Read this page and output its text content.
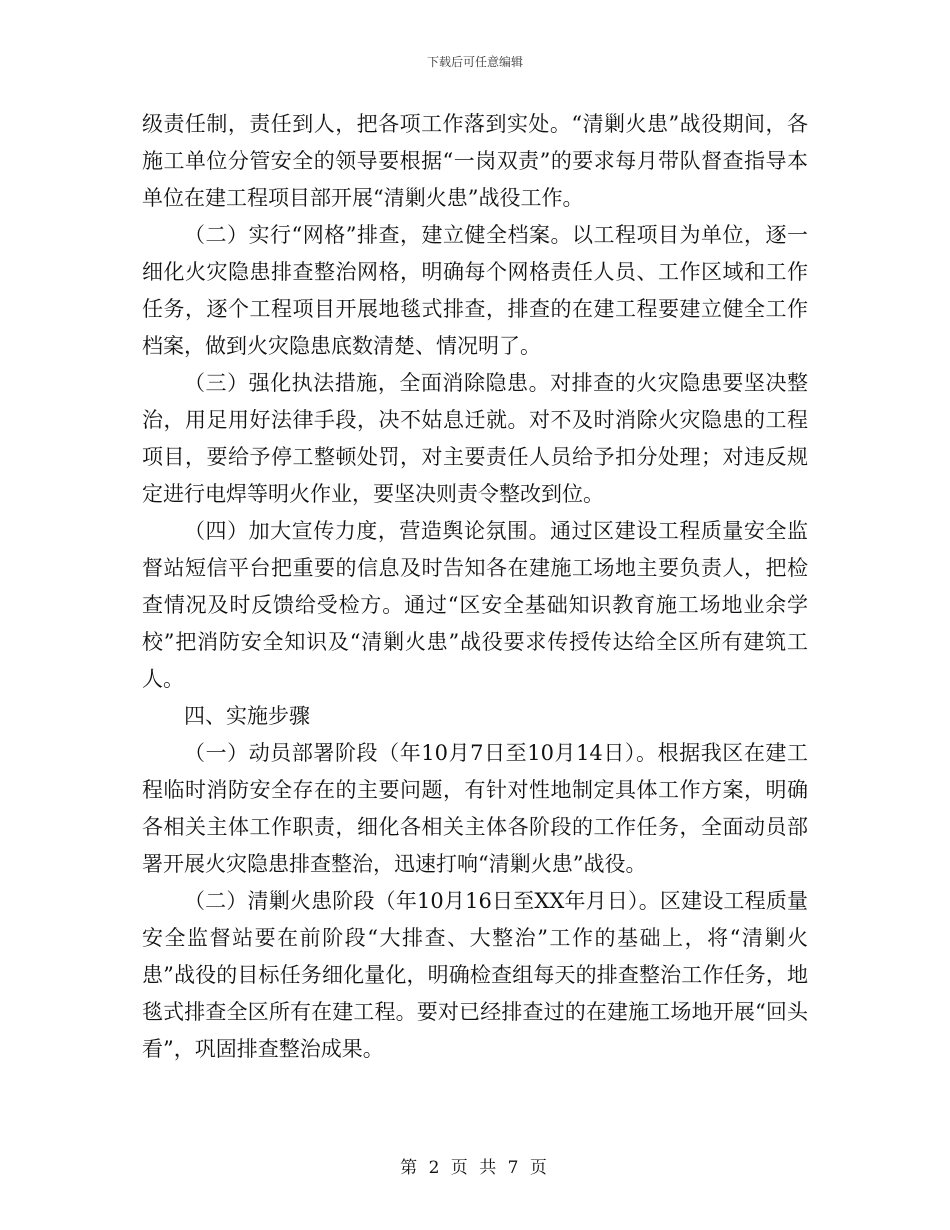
下载后可任意编辑

级责任制，责任到人，把各项工作落到实处。“清剿火患”战役期间，各施工单位分管安全的领导要根据“一岗双责”的要求每月带队督查指导本单位在建工程项目部开展“清剿火患”战役工作。

（二）实行“网格”排查，建立健全档案。以工程项目为单位，逐一细化火灾隐患排查整治网格，明确每个网格责任人员、工作区域和工作任务，逐个工程项目开展地毯式排查，排查的在建工程要建立健全工作档案，做到火灾隐患底数清楚、情况明了。

（三）强化执法措施，全面消除隐患。对排查的火灾隐患要坚决整治，用足用好法律手段，决不姑息迁就。对不及时消除火灾隐患的工程项目，要给予停工整顿处罚，对主要责任人员给予扣分处理；对违反规定进行电焊等明火作业，要坚决则责令整改到位。

（四）加大宣传力度，营造舆论氛围。通过区建设工程质量安全监督站短信平台把重要的信息及时告知各在建施工场地主要负责人，把检查情况及时反馈给受检方。通过“区安全基础知识教育施工场地业余学校”把消防安全知识及“清剿火患”战役要求传授传达给全区所有建筑工人。

四、实施步骤

（一）动员部署阶段（年10月7日至10月14日）。根据我区在建工程临时消防安全存在的主要问题，有针对性地制定具体工作方案，明确各相关主体工作职责，细化各相关主体各阶段的工作任务，全面动员部署开展火灾隐患排查整治，迅速打响“清剿火患”战役。

（二）清剿火患阶段（年10月16日至XX年月日）。区建设工程质量安全监督站要在前阶段“大排查、大整治”工作的基础上，将“清剿火患”战役的目标任务细化量化，明确检查组每天的排查整治工作任务，地毯式排查全区所有在建工程。要对已经排查过的在建施工场地开展“回头看”，巩固排查整治成果。

第 2 页 共 7 页
